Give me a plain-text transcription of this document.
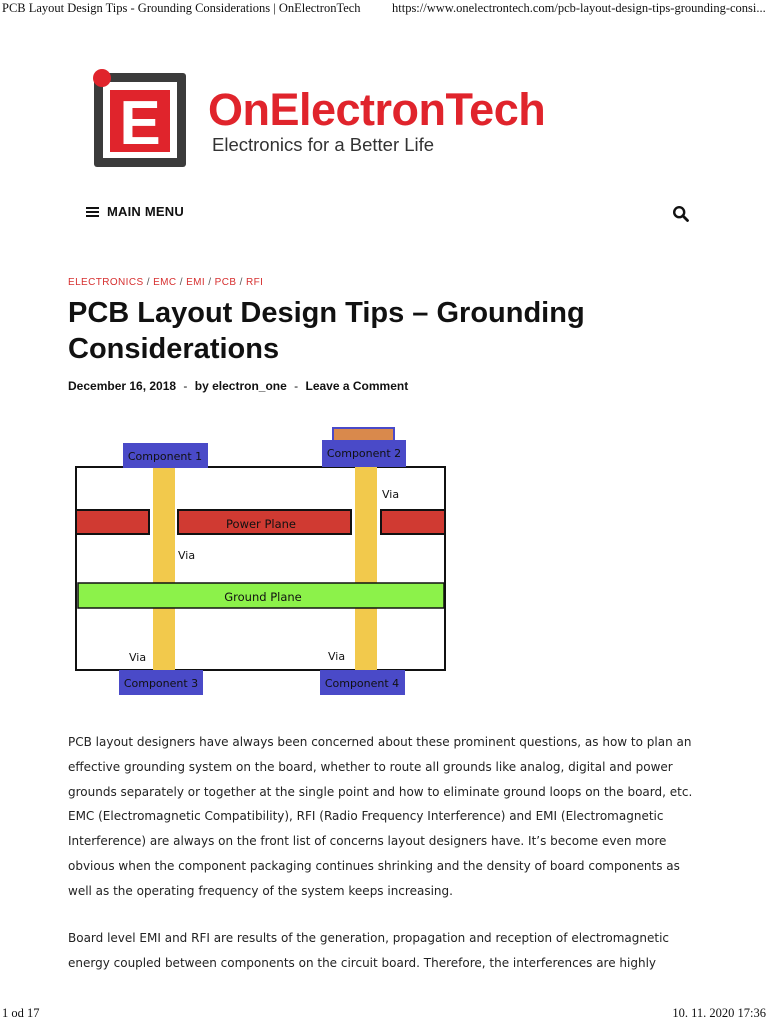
PCB Layout Design Tips - Grounding Considerations | OnElectronTech	https://www.onelectrontech.com/pcb-layout-design-tips-grounding-consi...
E OnElectronTech
Electronics for a Better Life
MAIN MENU
ELECTRONICS / EMC / EMI / PCB / RFI
PCB Layout Design Tips – Grounding Considerations
December 16, 2018 - by electron_one - Leave a Comment
Power Plane
Ground Plane
Component 1	Component 2
Component 3	Component 4
Via
Via
Via	Via

PCB layout designers have always been concerned about these prominent questions, as how to plan an effective grounding system on the board, whether to route all grounds like analog, digital and power grounds separately or together at the single point and how to eliminate ground loops on the board, etc. EMC (Electromagnetic Compatibility), RFI (Radio Frequency Interference) and EMI (Electromagnetic Interference) are always on the front list of concerns layout designers have. It’s become even more obvious when the component packaging continues shrinking and the density of board components as well as the operating frequency of the system keeps increasing.

Board level EMI and RFI are results of the generation, propagation and reception of electromagnetic energy coupled between components on the circuit board. Therefore, the interferences are highly

1 od 17	10. 11. 2020 17:36
